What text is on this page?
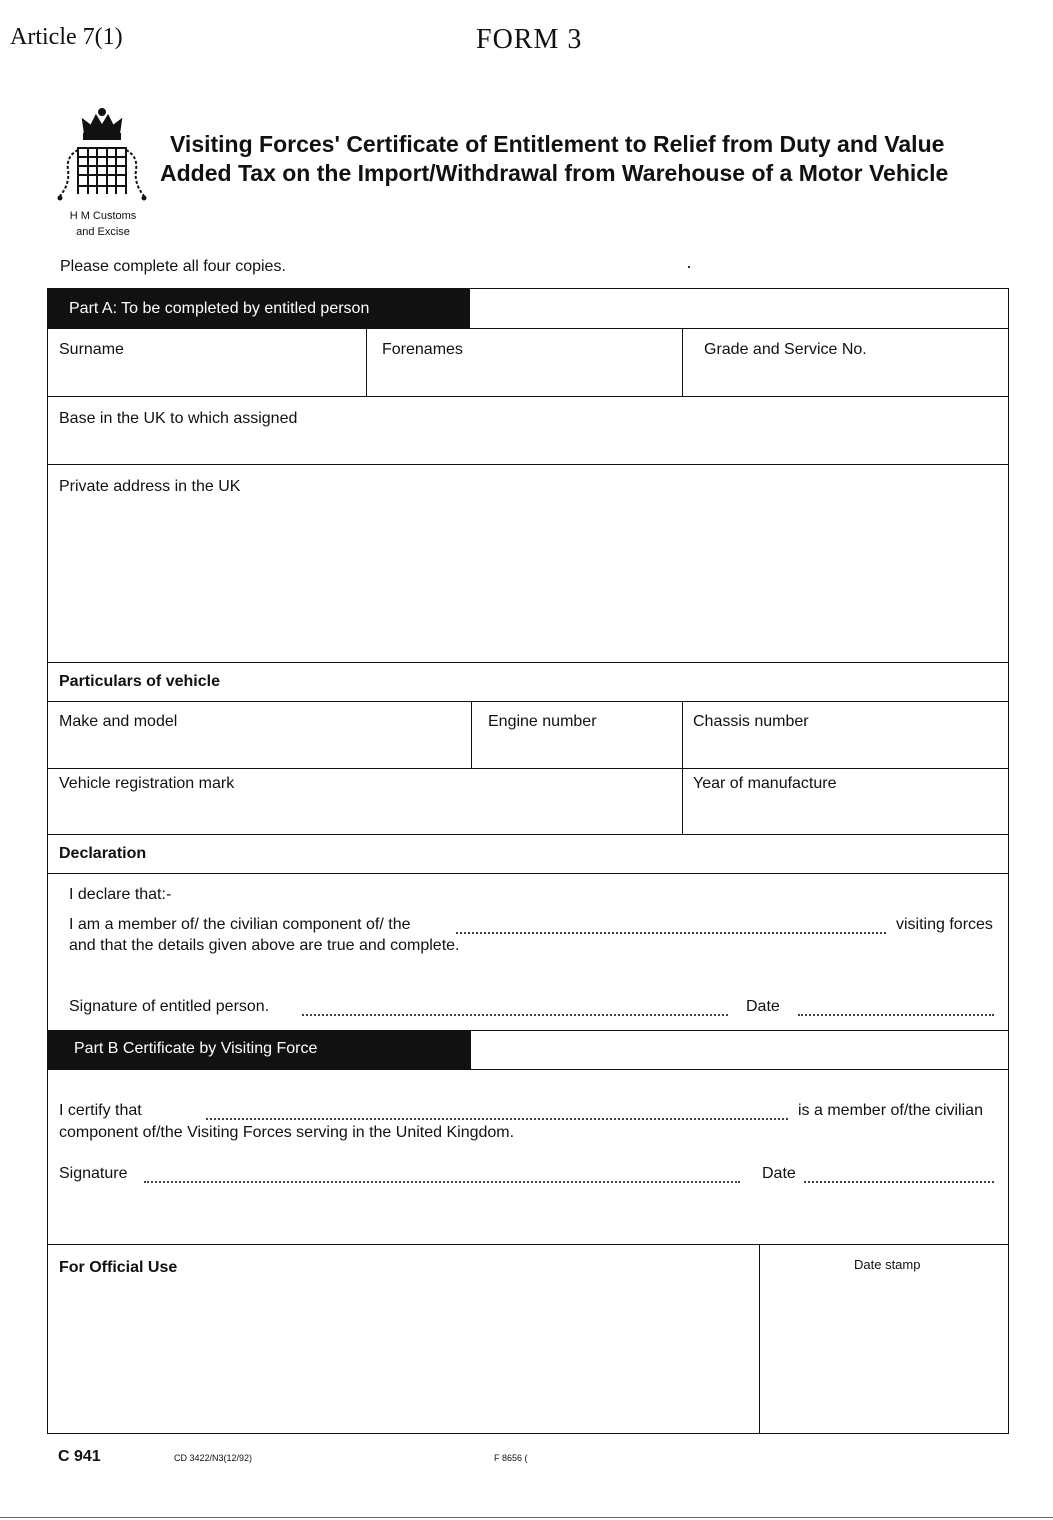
Article 7(1)	FORM 3
H M Customs
and Excise
Visiting Forces' Certificate of Entitlement to Relief from Duty and Value
Added Tax on the Import/Withdrawal from Warehouse of a Motor Vehicle
Please complete all four copies.
Part A: To be completed by entitled person
Surname	Forenames	Grade and Service No.
Base in the UK to which assigned
Private address in the UK
Particulars of vehicle
Make and model	Engine number	Chassis number
Vehicle registration mark	Year of manufacture
Declaration
I declare that:-
I am a member of/ the civilian component of/ the	visiting forces
and that the details given above are true and complete.
Signature of entitled person.	Date
Part B Certificate by Visiting Force
I certify that	is a member of/the civilian
component of/the Visiting Forces serving in the United Kingdom.
Signature	Date
For Official Use	Date stamp
C 941	CD 3422/N3(12/92)	F 8656 (
